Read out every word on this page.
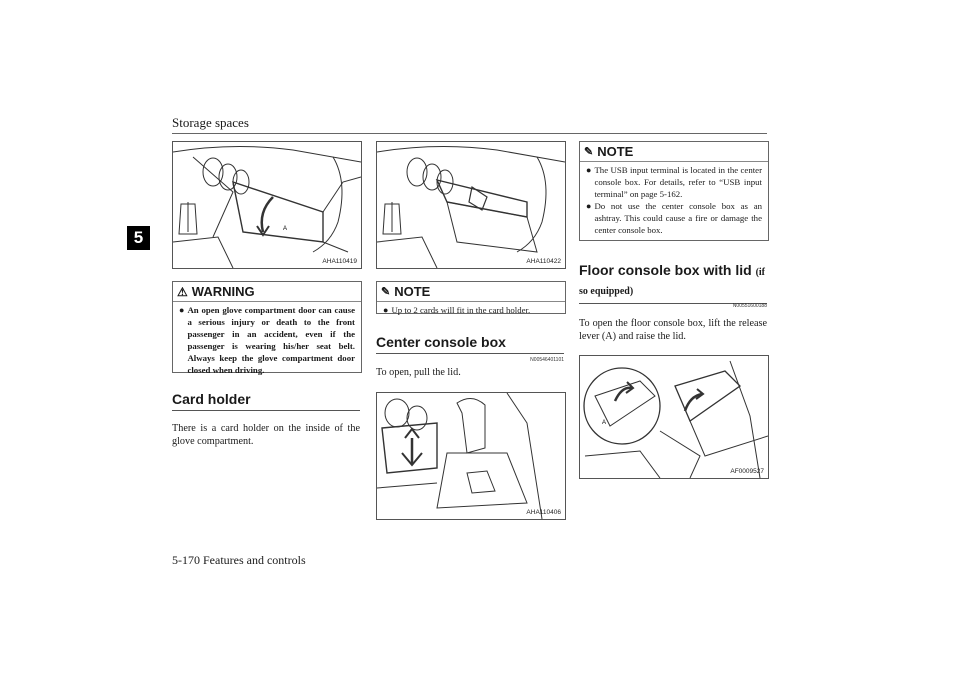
Storage spaces
5-170 Features and controls
5	A
AHA110419
⚠ WARNING
● An open glove compartment door can cause a serious injury or death to the front passenger in an accident, even if the passenger is wearing his/her seat belt. Always keep the glove compartment door closed when driving.
Card holder
There is a card holder on the inside of the glove compartment.
AHA110422
✎ NOTE
● Up to 2 cards will fit in the card holder.
Center console box
N00546401101
To open, pull the lid.
AHA110406
✎ NOTE
● The USB input terminal is located in the center console box. For details, refer to “USB input terminal” on page 5-162.
● Do not use the center console box as an ashtray. This could cause a fire or damage the center console box.
Floor console box with lid (if so equipped)
N00551600188
To open the floor console box, lift the release lever (A) and raise the lid.
A
AF0009527
